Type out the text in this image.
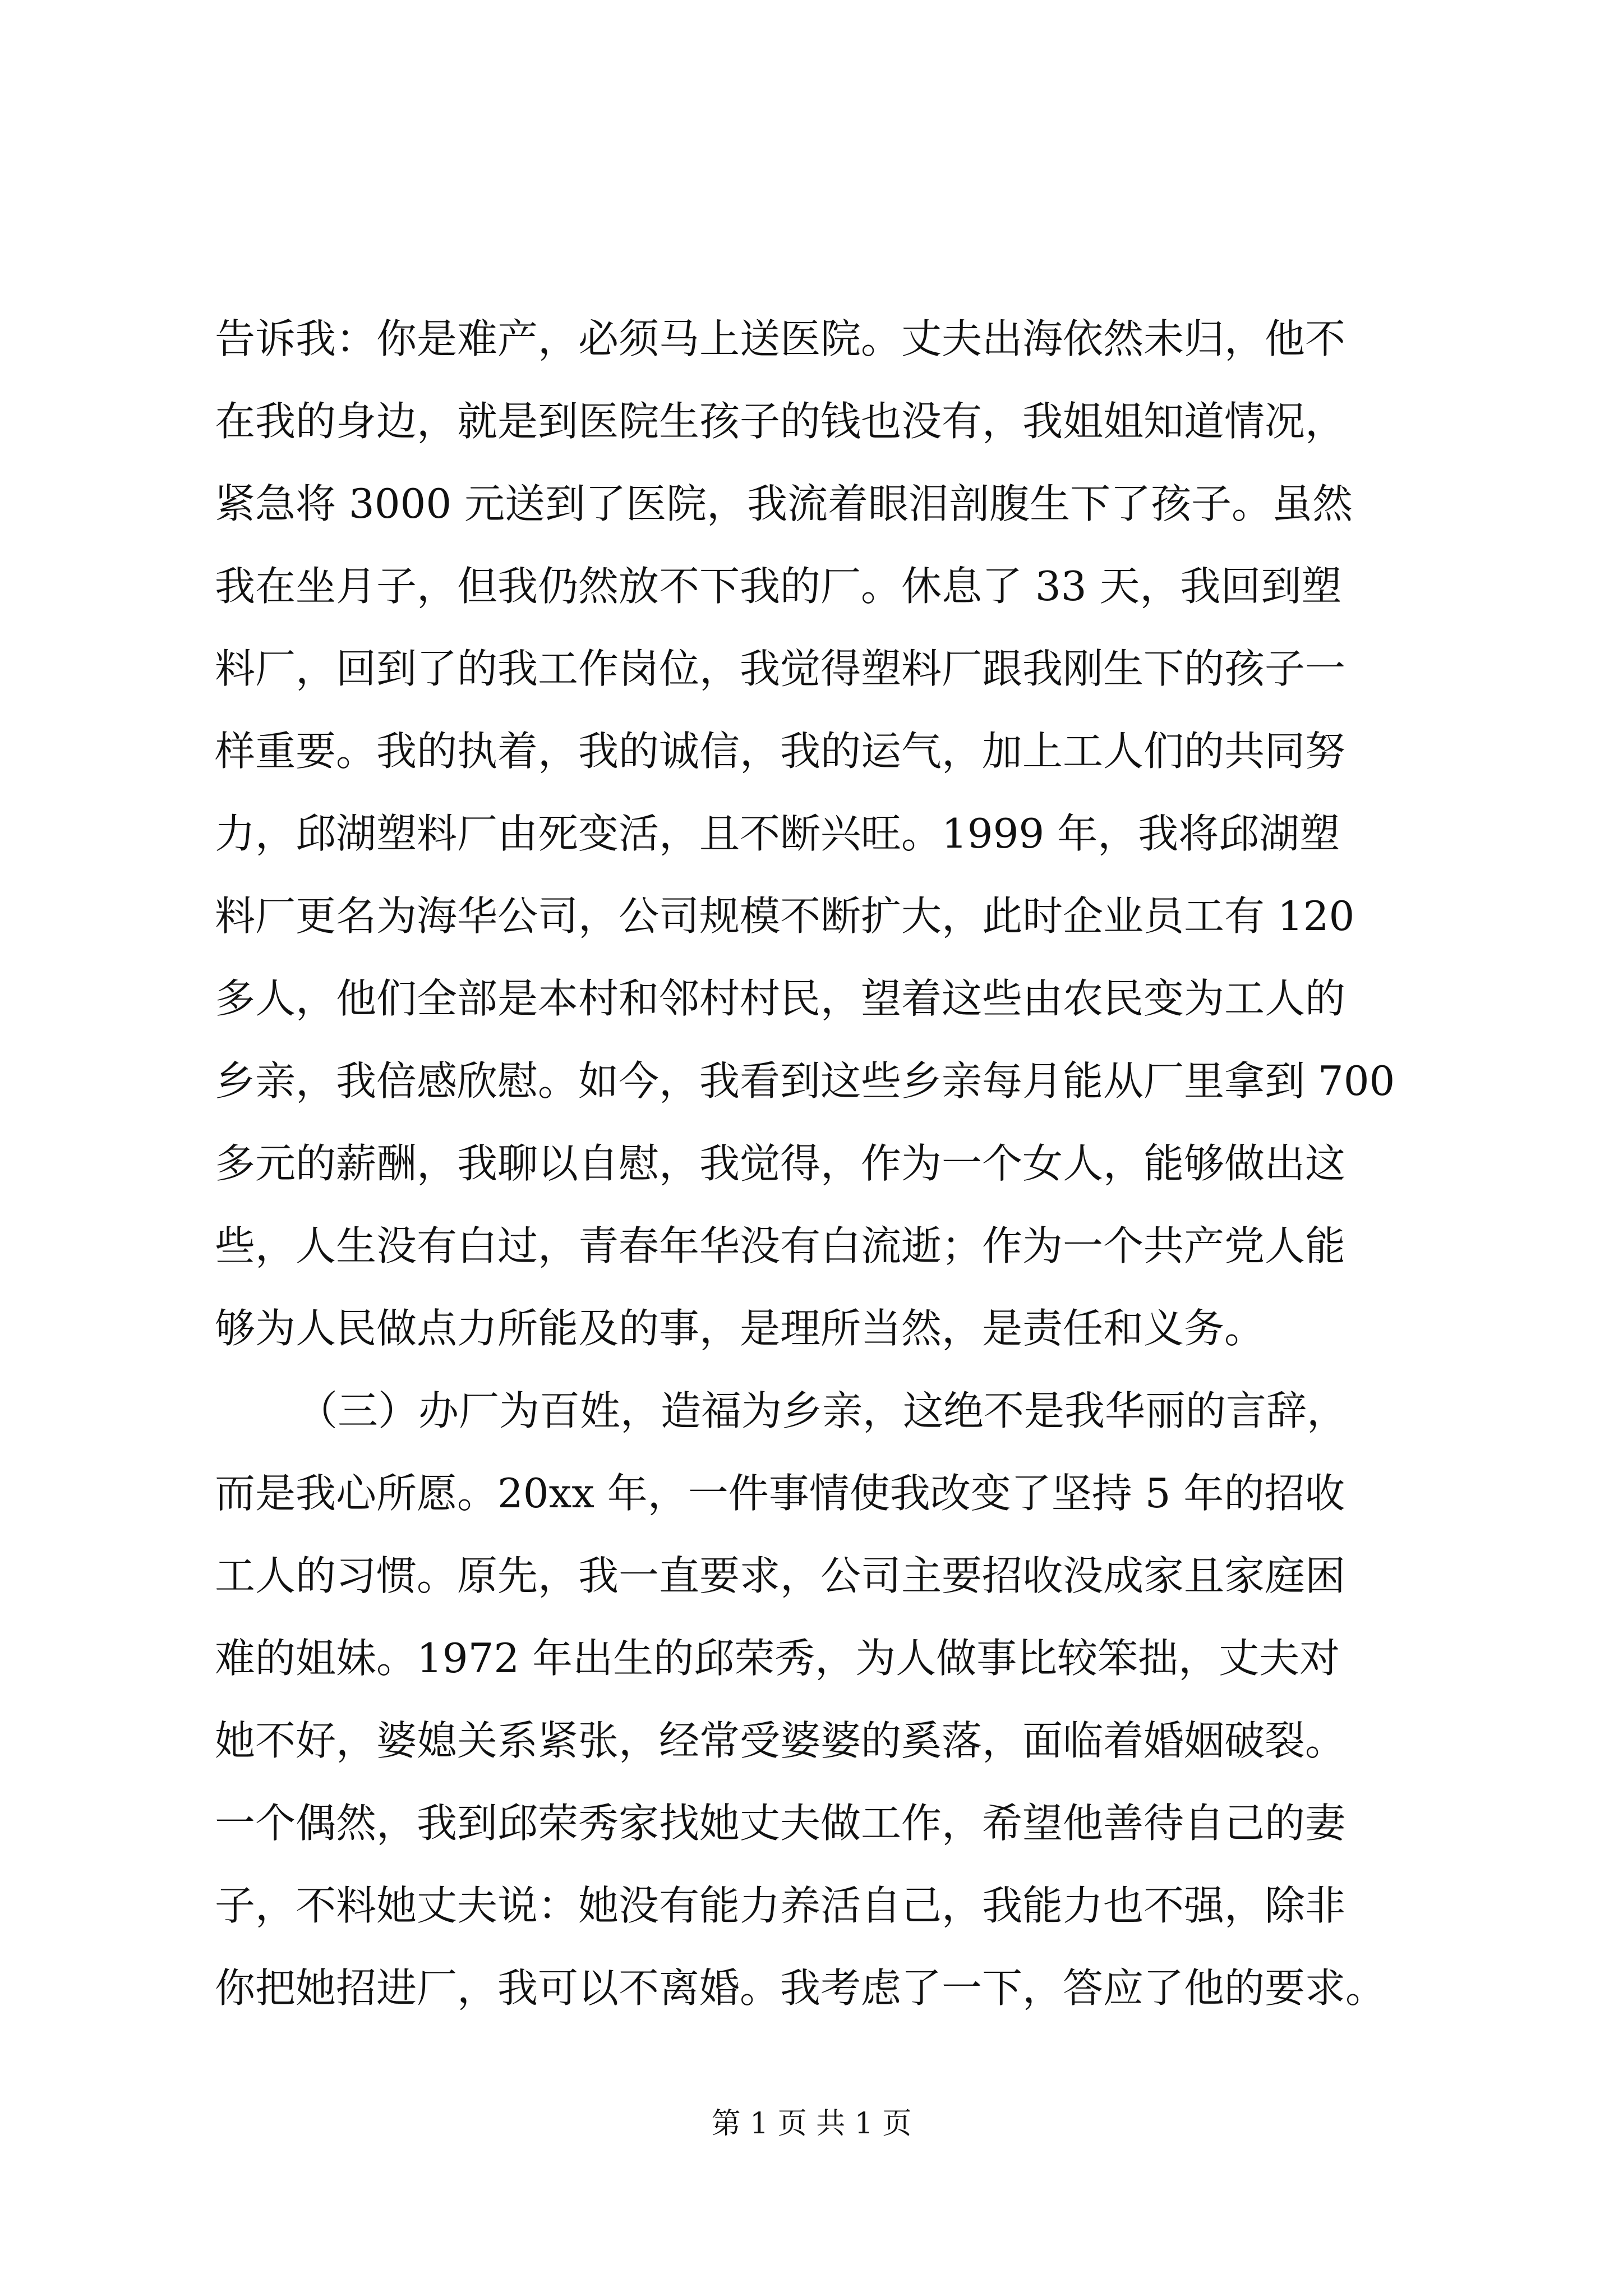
告诉我：你是难产，必须马上送医院。丈夫出海依然未归，他不
在我的身边，就是到医院生孩子的钱也没有，我姐姐知道情况，
紧急将 3000 元送到了医院，我流着眼泪剖腹生下了孩子。虽然
我在坐月子，但我仍然放不下我的厂。休息了 33 天，我回到塑
料厂，回到了的我工作岗位，我觉得塑料厂跟我刚生下的孩子一
样重要。我的执着，我的诚信，我的运气，加上工人们的共同努
力，邱湖塑料厂由死变活，且不断兴旺。1999 年，我将邱湖塑
料厂更名为海华公司，公司规模不断扩大，此时企业员工有 120
多人，他们全部是本村和邻村村民，望着这些由农民变为工人的
乡亲，我倍感欣慰。如今，我看到这些乡亲每月能从厂里拿到 700
多元的薪酬，我聊以自慰，我觉得，作为一个女人，能够做出这
些，人生没有白过，青春年华没有白流逝；作为一个共产党人能
够为人民做点力所能及的事，是理所当然，是责任和义务。
（三）办厂为百姓，造福为乡亲，这绝不是我华丽的言辞，
而是我心所愿。20xx 年，一件事情使我改变了坚持 5 年的招收
工人的习惯。原先，我一直要求，公司主要招收没成家且家庭困
难的姐妹。1972 年出生的邱荣秀，为人做事比较笨拙，丈夫对
她不好，婆媳关系紧张，经常受婆婆的奚落，面临着婚姻破裂。
一个偶然，我到邱荣秀家找她丈夫做工作，希望他善待自己的妻
子，不料她丈夫说：她没有能力养活自己，我能力也不强，除非
你把她招进厂，我可以不离婚。我考虑了一下，答应了他的要求。
第 1 页 共 1 页
